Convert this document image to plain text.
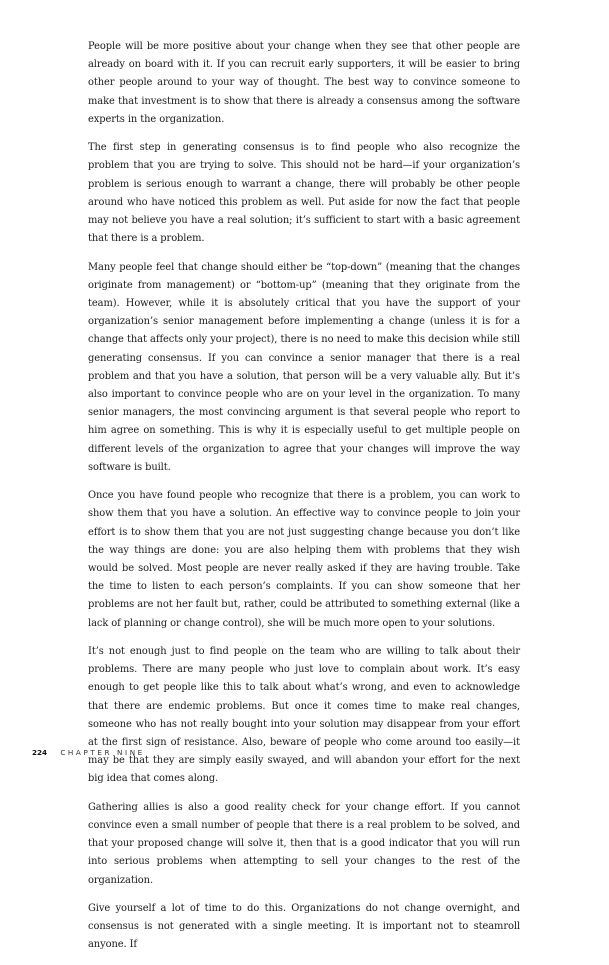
People will be more positive about your change when they see that other people are already on board with it. If you can recruit early supporters, it will be easier to bring other people around to your way of thought. The best way to convince someone to make that investment is to show that there is already a consensus among the software experts in the organization.

The first step in generating consensus is to find people who also recognize the problem that you are trying to solve. This should not be hard—if your organization’s problem is serious enough to warrant a change, there will probably be other people around who have noticed this problem as well. Put aside for now the fact that people may not believe you have a real solution; it’s sufficient to start with a basic agreement that there is a problem.

Many people feel that change should either be “top-down” (meaning that the changes originate from management) or “bottom-up” (meaning that they originate from the team). However, while it is absolutely critical that you have the support of your organization’s senior management before implementing a change (unless it is for a change that affects only your project), there is no need to make this decision while still generating consensus. If you can convince a senior manager that there is a real problem and that you have a solution, that person will be a very valuable ally. But it’s also important to convince people who are on your level in the organization. To many senior managers, the most convincing argument is that several people who report to him agree on something. This is why it is especially useful to get multiple people on different levels of the organization to agree that your changes will improve the way software is built.

Once you have found people who recognize that there is a problem, you can work to show them that you have a solution. An effective way to convince people to join your effort is to show them that you are not just suggesting change because you don’t like the way things are done: you are also helping them with problems that they wish would be solved. Most people are never really asked if they are having trouble. Take the time to listen to each person’s complaints. If you can show someone that her problems are not her fault but, rather, could be attributed to something external (like a lack of planning or change control), she will be much more open to your solutions.

It’s not enough just to find people on the team who are willing to talk about their problems. There are many people who just love to complain about work. It’s easy enough to get people like this to talk about what’s wrong, and even to acknowledge that there are endemic problems. But once it comes time to make real changes, someone who has not really bought into your solution may disappear from your effort at the first sign of resistance. Also, beware of people who come around too easily—it may be that they are simply easily swayed, and will abandon your effort for the next big idea that comes along.

Gathering allies is also a good reality check for your change effort. If you cannot convince even a small number of people that there is a real problem to be solved, and that your proposed change will solve it, then that is a good indicator that you will run into serious problems when attempting to sell your changes to the rest of the organization.

Give yourself a lot of time to do this. Organizations do not change overnight, and consensus is not generated with a single meeting. It is important not to steamroll anyone. If

224 CHAPTER NINE
